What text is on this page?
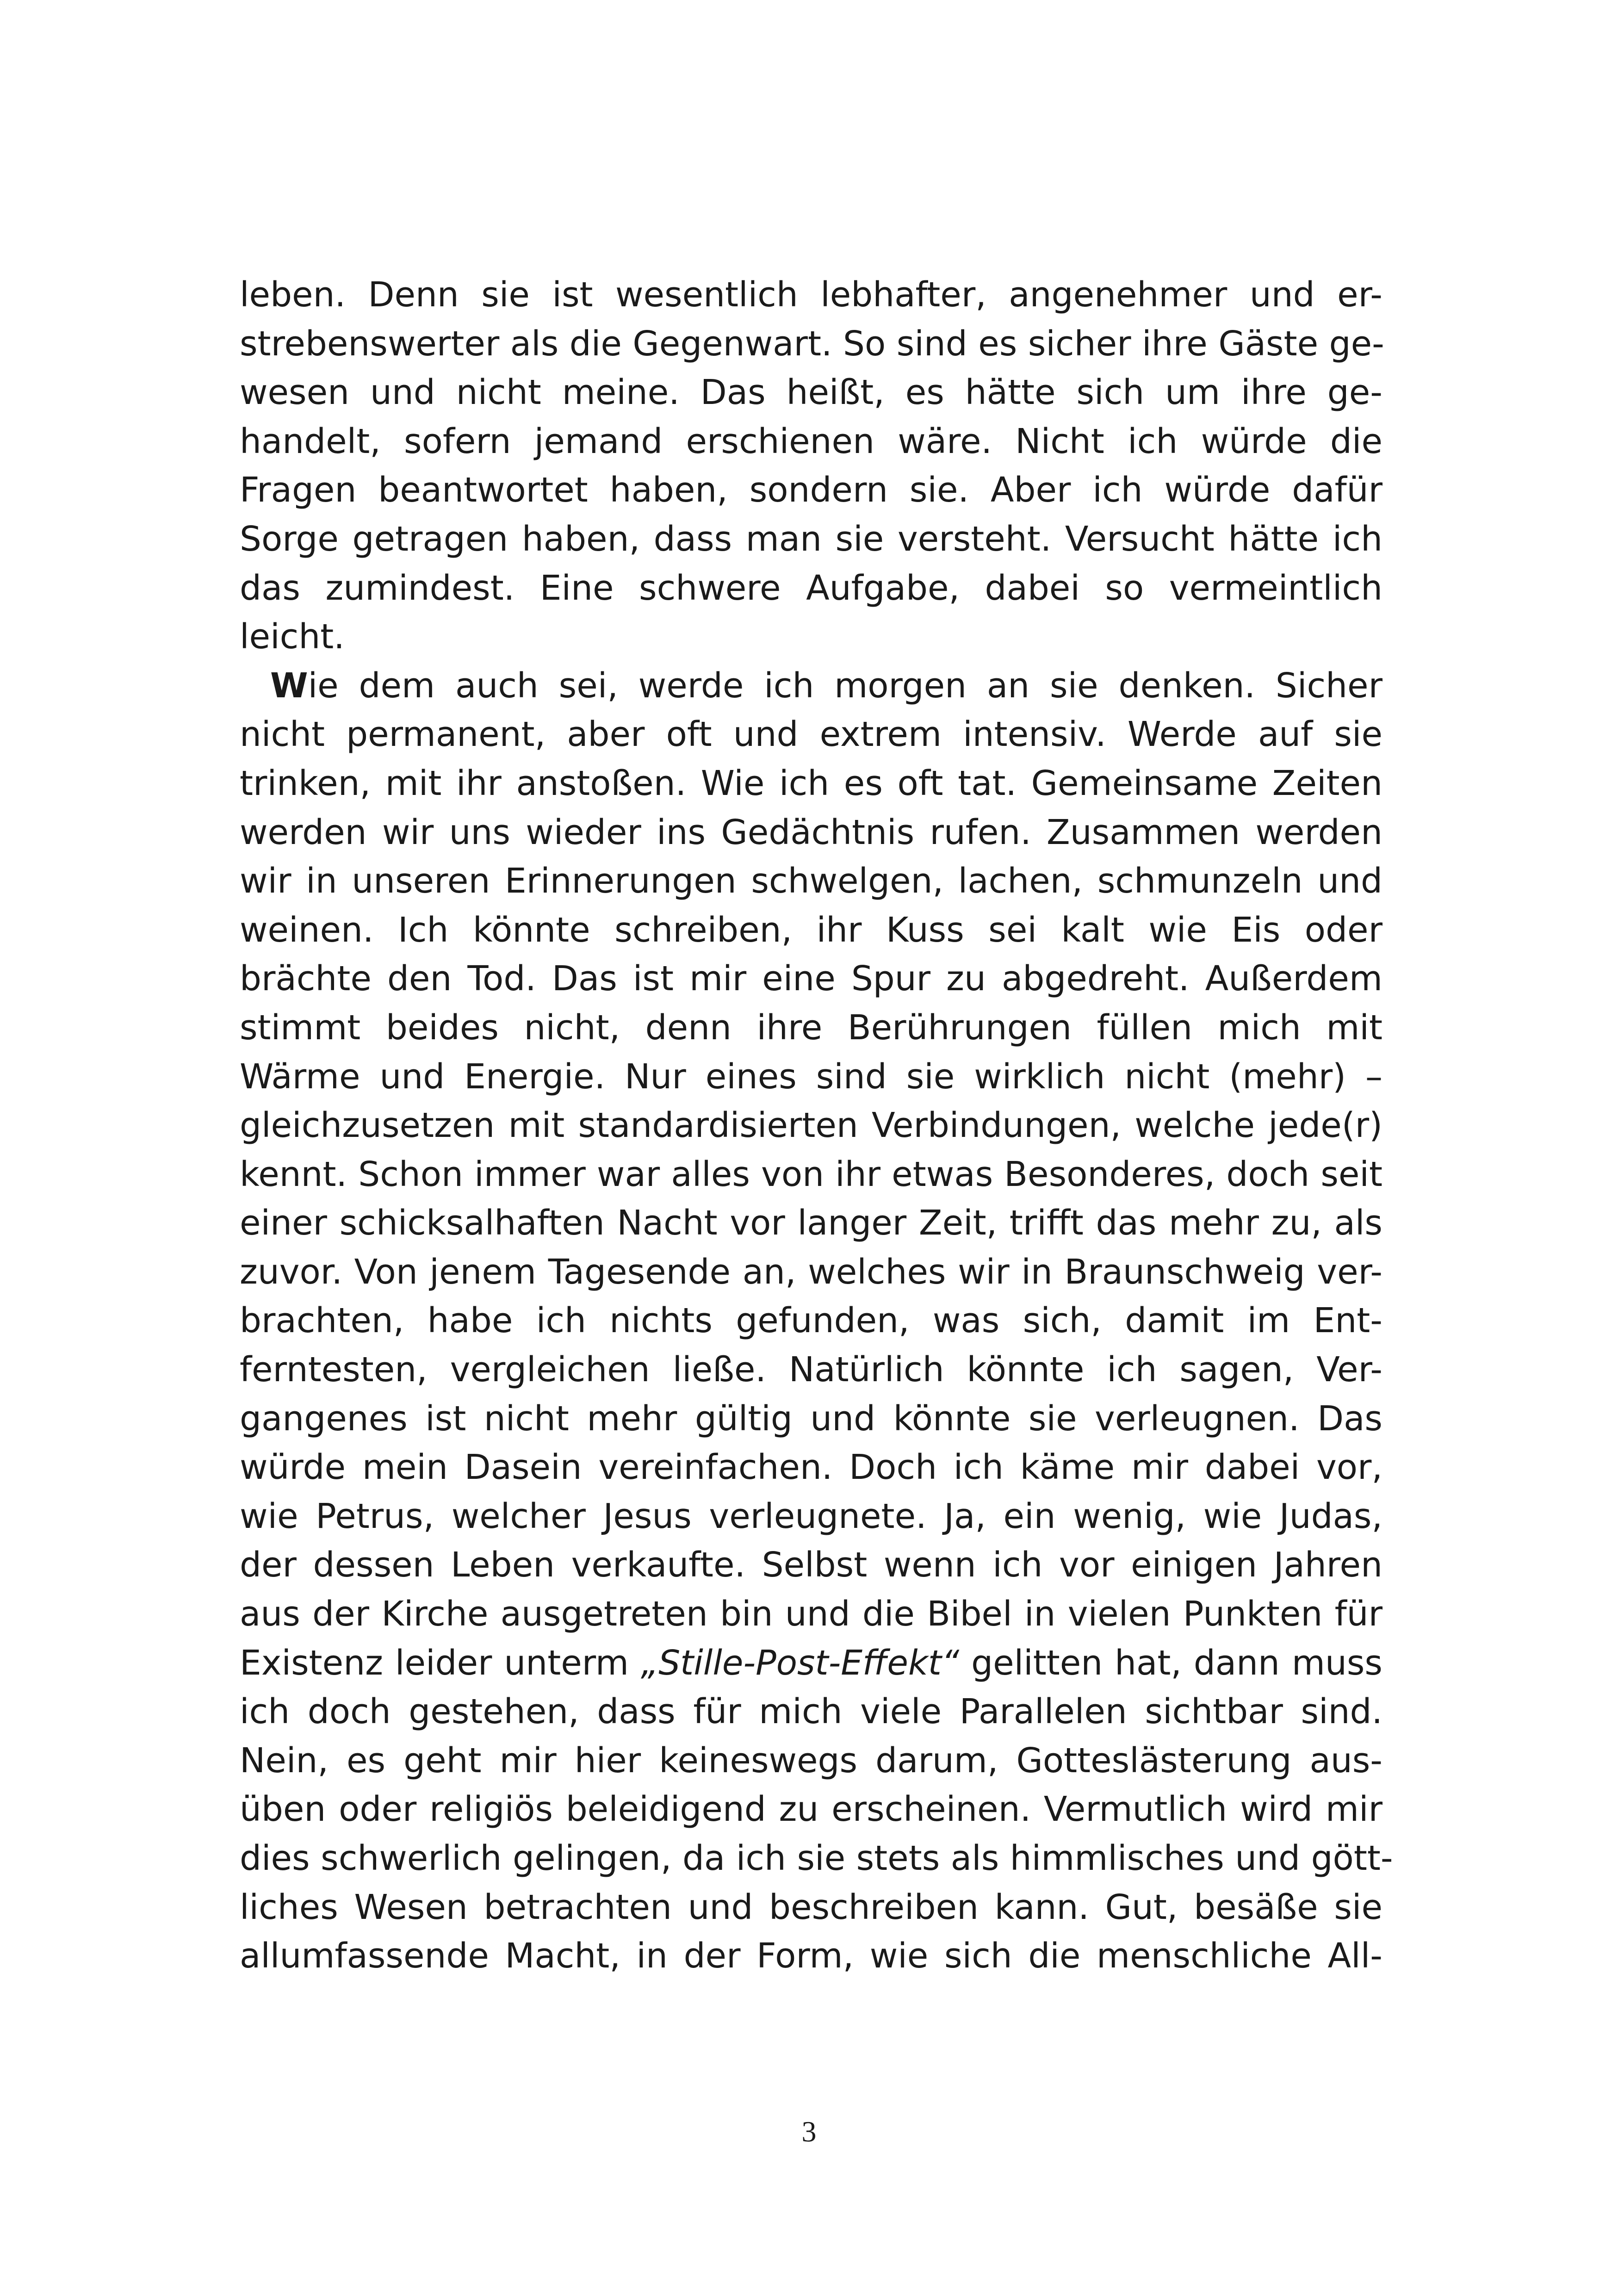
leben. Denn sie ist wesentlich lebhafter, angenehmer und er-
strebenswerter als die Gegenwart. So sind es sicher ihre Gäste ge-
wesen und nicht meine. Das heißt, es hätte sich um ihre ge-
handelt, sofern jemand erschienen wäre. Nicht ich würde die
Fragen beantwortet haben, sondern sie. Aber ich würde dafür
Sorge getragen haben, dass man sie versteht. Versucht hätte ich
das zumindest. Eine schwere Aufgabe, dabei so vermeintlich
leicht.
Wie dem auch sei, werde ich morgen an sie denken. Sicher
nicht permanent, aber oft und extrem intensiv. Werde auf sie
trinken, mit ihr anstoßen. Wie ich es oft tat. Gemeinsame Zeiten
werden wir uns wieder ins Gedächtnis rufen. Zusammen werden
wir in unseren Erinnerungen schwelgen, lachen, schmunzeln und
weinen. Ich könnte schreiben, ihr Kuss sei kalt wie Eis oder
brächte den Tod. Das ist mir eine Spur zu abgedreht. Außerdem
stimmt beides nicht, denn ihre Berührungen füllen mich mit
Wärme und Energie. Nur eines sind sie wirklich nicht (mehr) –
gleichzusetzen mit standardisierten Verbindungen, welche jede(r)
kennt. Schon immer war alles von ihr etwas Besonderes, doch seit
einer schicksalhaften Nacht vor langer Zeit, trifft das mehr zu, als
zuvor. Von jenem Tagesende an, welches wir in Braunschweig ver-
brachten, habe ich nichts gefunden, was sich, damit im Ent-
ferntesten, vergleichen ließe. Natürlich könnte ich sagen, Ver-
gangenes ist nicht mehr gültig und könnte sie verleugnen. Das
würde mein Dasein vereinfachen. Doch ich käme mir dabei vor,
wie Petrus, welcher Jesus verleugnete. Ja, ein wenig, wie Judas,
der dessen Leben verkaufte. Selbst wenn ich vor einigen Jahren
aus der Kirche ausgetreten bin und die Bibel in vielen Punkten für
Existenz leider unterm „Stille-Post-Effekt“ gelitten hat, dann muss
ich doch gestehen, dass für mich viele Parallelen sichtbar sind.
Nein, es geht mir hier keineswegs darum, Gotteslästerung aus-
üben oder religiös beleidigend zu erscheinen. Vermutlich wird mir
dies schwerlich gelingen, da ich sie stets als himmlisches und gött-
liches Wesen betrachten und beschreiben kann. Gut, besäße sie
allumfassende Macht, in der Form, wie sich die menschliche All-
3
